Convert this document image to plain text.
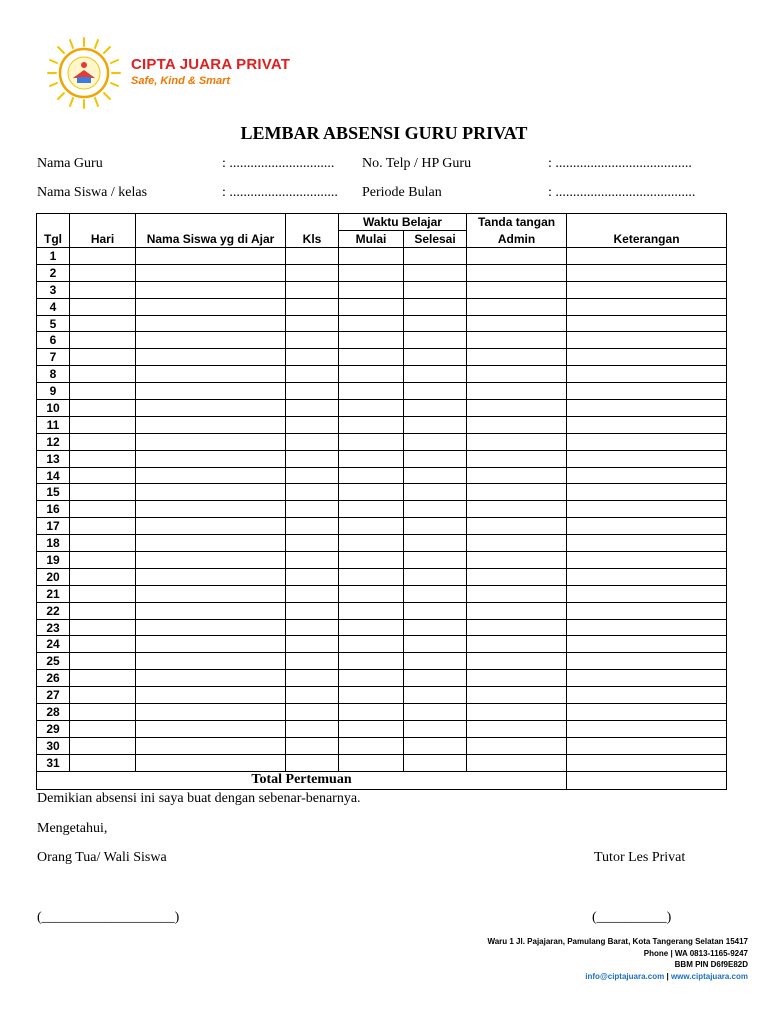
CIPTA JUARA PRIVAT
Safe, Kind & Smart
LEMBAR ABSENSI GURU PRIVAT
Nama Guru	: .............................. No. Telp / HP Guru	: .......................................
Nama Siswa / kelas	: ............................... Periode Bulan	: ........................................
Tgl	Hari	Nama Siswa yg di Ajar	Kls	Waktu Belajar		Tanda tangan	Keterangan
				Mulai	Selesai	Admin	
1							
2							
3							
4							
5							
6							
7							
8							
9							
10							
11							
12							
13							
14							
15							
16							
17							
18							
19							
20							
21							
22							
23							
24							
25							
26							
27							
28							
29							
30							
31							
Total Pertemuan							
Demikian absensi ini saya buat dengan sebenar-benarnya.
Mengetahui,
Orang Tua/ Wali Siswa	Tutor Les Privat
(___________________)	(__________)
Waru 1 Jl. Pajajaran, Pamulang Barat, Kota Tangerang Selatan 15417
Phone | WA 0813-1165-9247
BBM PIN D6f9E82D
info@ciptajuara.com | www.ciptajuara.com
